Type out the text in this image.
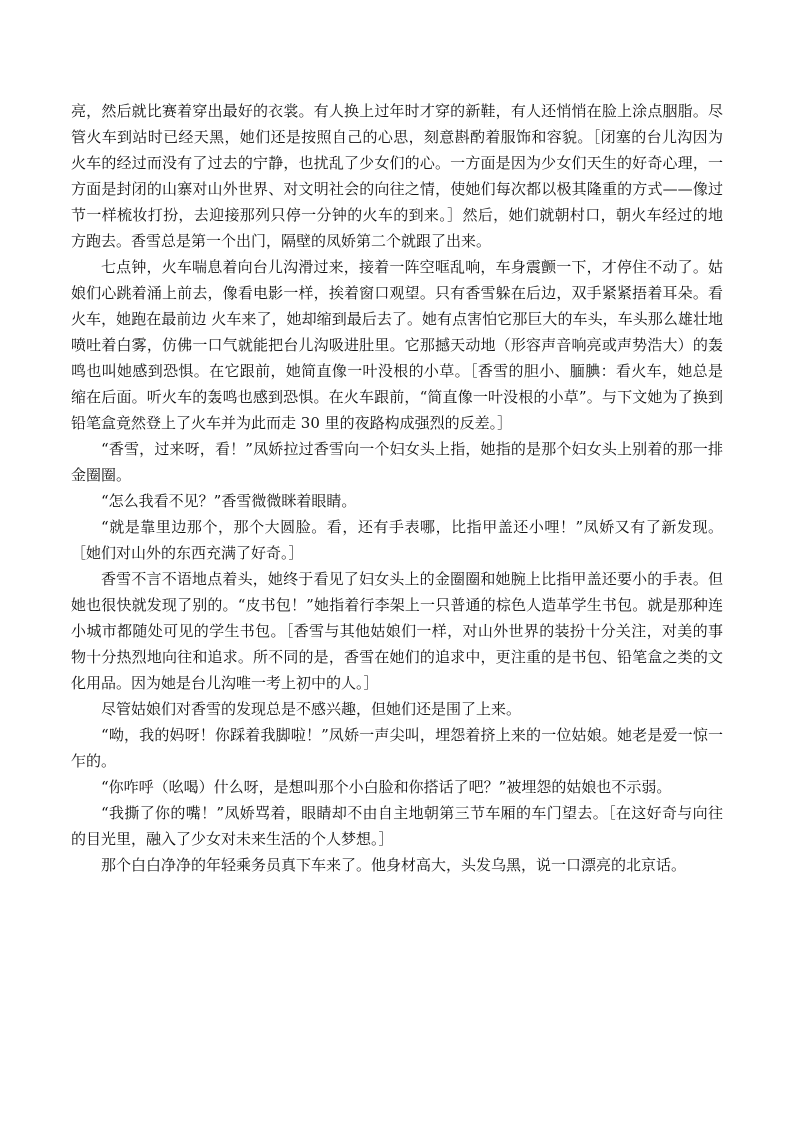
亮，然后就比赛着穿出最好的衣裳。有人换上过年时才穿的新鞋，有人还悄悄在脸上涂点胭脂。尽管火车到站时已经天黑，她们还是按照自己的心思，刻意斟酌着服饰和容貌。［闭塞的台儿沟因为火车的经过而没有了过去的宁静，也扰乱了少女们的心。一方面是因为少女们天生的好奇心理，一方面是封闭的山寨对山外世界、对文明社会的向往之情，使她们每次都以极其隆重的方式——像过节一样梳妆打扮，去迎接那列只停一分钟的火车的到来。］然后，她们就朝村口，朝火车经过的地方跑去。香雪总是第一个出门，隔壁的凤娇第二个就跟了出来。

七点钟，火车喘息着向台儿沟滑过来，接着一阵空哐乱响，车身震颤一下，才停住不动了。姑娘们心跳着涌上前去，像看电影一样，挨着窗口观望。只有香雪躲在后边，双手紧紧捂着耳朵。看火车，她跑在最前边 火车来了，她却缩到最后去了。她有点害怕它那巨大的车头，车头那么雄壮地喷吐着白雾，仿佛一口气就能把台儿沟吸进肚里。它那撼天动地（形容声音响亮或声势浩大）的轰鸣也叫她感到恐惧。在它跟前，她简直像一叶没根的小草。［香雪的胆小、腼腆：看火车，她总是缩在后面。听火车的轰鸣也感到恐惧。在火车跟前，“简直像一叶没根的小草”。与下文她为了换到铅笔盒竟然登上了火车并为此而走 30 里的夜路构成强烈的反差。］

“香雪，过来呀，看！”凤娇拉过香雪向一个妇女头上指，她指的是那个妇女头上别着的那一排金圈圈。

“怎么我看不见？”香雪微微眯着眼睛。

“就是靠里边那个，那个大圆脸。看，还有手表哪，比指甲盖还小哩！”凤娇又有了新发现。［她们对山外的东西充满了好奇。］

香雪不言不语地点着头，她终于看见了妇女头上的金圈圈和她腕上比指甲盖还要小的手表。但她也很快就发现了别的。“皮书包！”她指着行李架上一只普通的棕色人造革学生书包。就是那种连小城市都随处可见的学生书包。［香雪与其他姑娘们一样，对山外世界的装扮十分关注，对美的事物十分热烈地向往和追求。所不同的是，香雪在她们的追求中，更注重的是书包、铅笔盒之类的文化用品。因为她是台儿沟唯一考上初中的人。］

尽管姑娘们对香雪的发现总是不感兴趣，但她们还是围了上来。

“呦，我的妈呀！你踩着我脚啦！”凤娇一声尖叫，埋怨着挤上来的一位姑娘。她老是爱一惊一乍的。

“你咋呼（吆喝）什么呀，是想叫那个小白脸和你搭话了吧？”被埋怨的姑娘也不示弱。

“我撕了你的嘴！”凤娇骂着，眼睛却不由自主地朝第三节车厢的车门望去。［在这好奇与向往的目光里，融入了少女对未来生活的个人梦想。］

那个白白净净的年轻乘务员真下车来了。他身材高大，头发乌黑，说一口漂亮的北京话。
